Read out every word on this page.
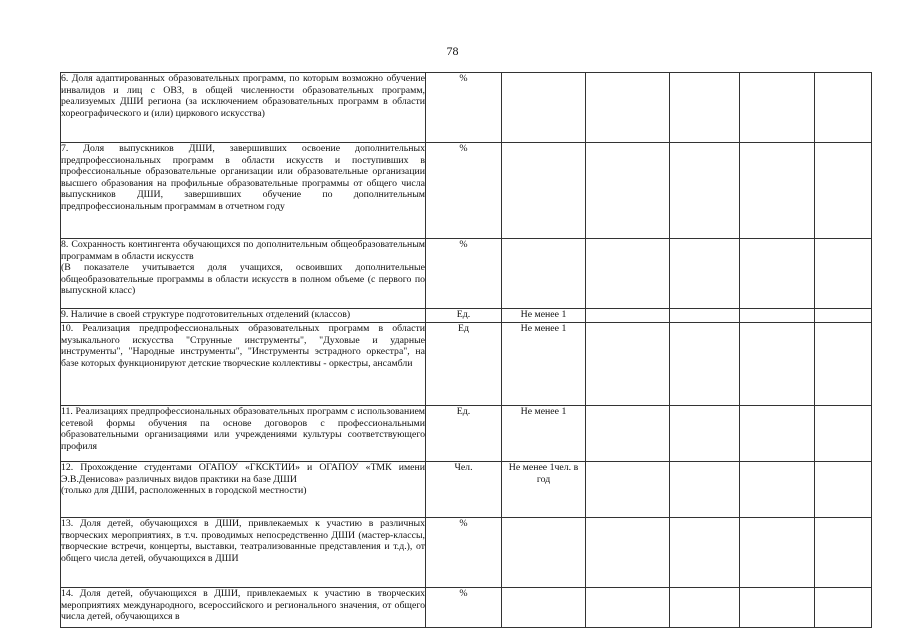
78
6. Доля адаптированных образовательных программ, по которым возможно обучение инвалидов и лиц с ОВЗ, в общей численности образовательных программ, реализуемых ДШИ региона (за исключением образовательных программ в области хореографического и (или) циркового искусства)	%					

7. Доля выпускников ДШИ, завершивших освоение дополнительных предпрофессиональных программ в области искусств и поступивших в профессиональные образовательные организации или образовательные организации высшего образования на профильные образовательные программы от общего числа выпускников ДШИ, завершивших обучение по дополнительным предпрофессиональным программам в отчетном году	%					

8. Сохранность контингента обучающихся по дополнительным общеобразовательным программам в области искусств
(В показателе учитывается доля учащихся, освоивших дополнительные общеобразовательные программы в области искусств в полном объеме (с первого по выпускной класс)	%					

9. Наличие в своей структуре подготовительных отделений (классов)	Ед.	Не менее 1				

10. Реализация предпрофессиональных образовательных программ в области музыкального искусства "Струнные инструменты", "Духовые и ударные инструменты", "Народные инструменты", "Инструменты эстрадного оркестра", на базе которых функционируют детские творческие коллективы - оркестры, ансамбли	Ед	Не менее 1				

11. Реализациях предпрофессиональных образовательных программ с использованием сетевой формы обучения па основе договоров с профессиональными образовательными организациями или учреждениями культуры соответствующего профиля	Ед.	Не менее 1				

12. Прохождение студентами ОГАПОУ «ГКСКТИИ» и ОГАПОУ «ТМК имени Э.В.Денисова» различных видов практики на базе ДШИ
(только для ДШИ, расположенных в городской местности)	Чел.	Не менее 1чел. в год				

13. Доля детей, обучающихся в ДШИ, привлекаемых к участию в различных творческих мероприятиях, в т.ч. проводимых непосредственно ДШИ (мастер-классы, творческие встречи, концерты, выставки, театрализованные представления и т.д.), от общего числа детей, обучающихся в ДШИ	%					

14. Доля детей, обучающихся в ДШИ, привлекаемых к участию в творческих мероприятиях международного, всероссийского и регионального значения, от общего числа детей, обучающихся в	%					
